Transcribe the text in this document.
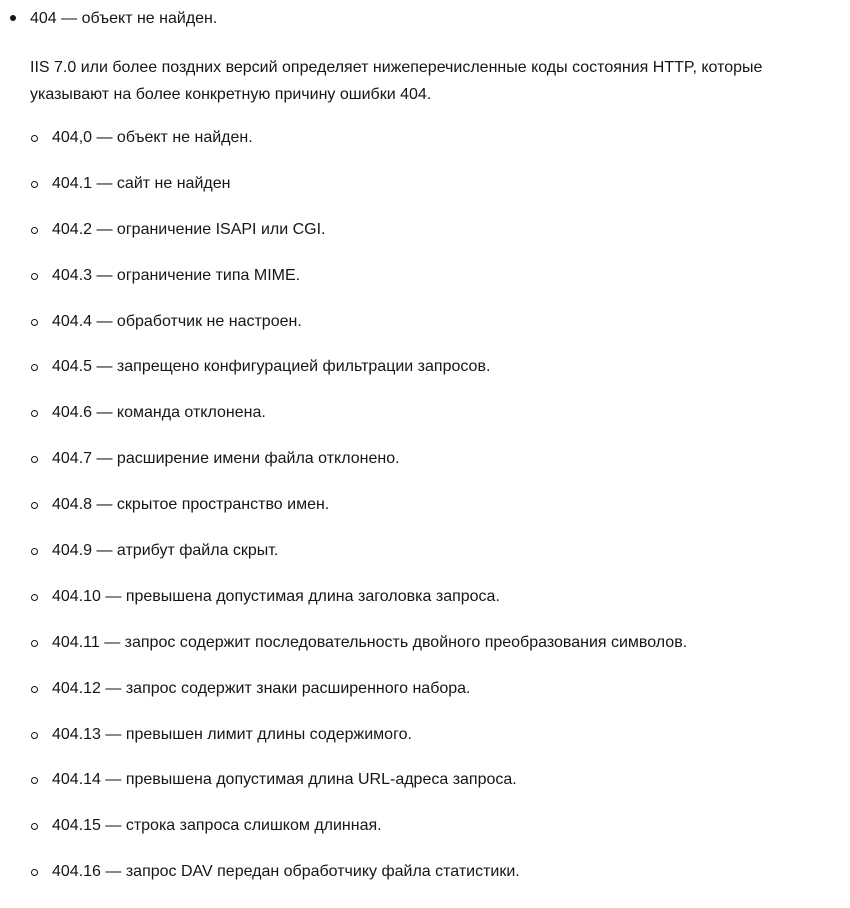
404 — объект не найден.
IIS 7.0 или более поздних версий определяет нижеперечисленные коды состояния HTTP, которые указывают на более конкретную причину ошибки 404.
404,0 — объект не найден.
404.1 — сайт не найден
404.2 — ограничение ISAPI или CGI.
404.3 — ограничение типа MIME.
404.4 — обработчик не настроен.
404.5 — запрещено конфигурацией фильтрации запросов.
404.6 — команда отклонена.
404.7 — расширение имени файла отклонено.
404.8 — скрытое пространство имен.
404.9 — атрибут файла скрыт.
404.10 — превышена допустимая длина заголовка запроса.
404.11 — запрос содержит последовательность двойного преобразования символов.
404.12 — запрос содержит знаки расширенного набора.
404.13 — превышен лимит длины содержимого.
404.14 — превышена допустимая длина URL-адреса запроса.
404.15 — строка запроса слишком длинная.
404.16 — запрос DAV передан обработчику файла статистики.
